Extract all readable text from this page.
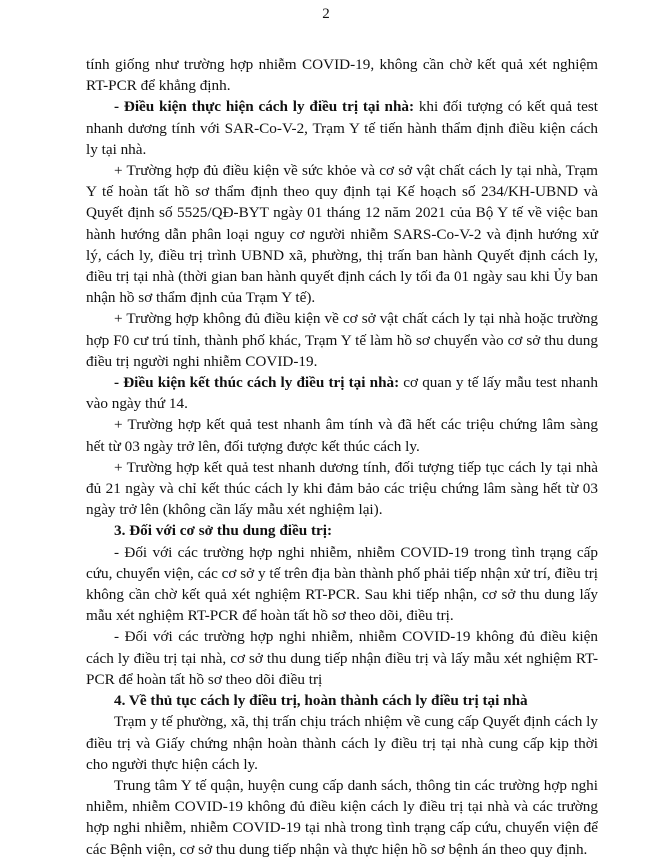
2

tính giống như trường hợp nhiễm COVID-19, không cần chờ kết quả xét nghiệm RT-PCR để khẳng định.

- Điều kiện thực hiện cách ly điều trị tại nhà: khi đối tượng có kết quả test nhanh dương tính với SAR-Co-V-2, Trạm Y tế tiến hành thẩm định điều kiện cách ly tại nhà.

+ Trường hợp đủ điều kiện về sức khỏe và cơ sở vật chất cách ly tại nhà, Trạm Y tế hoàn tất hồ sơ thẩm định theo quy định tại Kế hoạch số 234/KH-UBND và Quyết định số 5525/QĐ-BYT ngày 01 tháng 12 năm 2021 của Bộ Y tế về việc ban hành hướng dẫn phân loại nguy cơ người nhiễm SARS-Co-V-2 và định hướng xử lý, cách ly, điều trị trình UBND xã, phường, thị trấn ban hành Quyết định cách ly, điều trị tại nhà (thời gian ban hành quyết định cách ly tối đa 01 ngày sau khi Ủy ban nhận hồ sơ thẩm định của Trạm Y tế).

+ Trường hợp không đủ điều kiện về cơ sở vật chất cách ly tại nhà hoặc trường hợp F0 cư trú tỉnh, thành phố khác, Trạm Y tế làm hồ sơ chuyển vào cơ sở thu dung điều trị người nghi nhiễm COVID-19.

- Điều kiện kết thúc cách ly điều trị tại nhà: cơ quan y tế lấy mẫu test nhanh vào ngày thứ 14.

+ Trường hợp kết quả test nhanh âm tính và đã hết các triệu chứng lâm sàng hết từ 03 ngày trở lên, đối tượng được kết thúc cách ly.

+ Trường hợp kết quả test nhanh dương tính, đối tượng tiếp tục cách ly tại nhà đủ 21 ngày và chỉ kết thúc cách ly khi đảm bảo các triệu chứng lâm sàng hết từ 03 ngày trở lên (không cần lấy mẫu xét nghiệm lại).

3. Đối với cơ sở thu dung điều trị:

- Đối với các trường hợp nghi nhiễm, nhiễm COVID-19 trong tình trạng cấp cứu, chuyển viện, các cơ sở y tế trên địa bàn thành phố phải tiếp nhận xử trí, điều trị không cần chờ kết quả xét nghiệm RT-PCR. Sau khi tiếp nhận, cơ sở thu dung lấy mẫu xét nghiệm RT-PCR để hoàn tất hồ sơ theo dõi, điều trị.

- Đối với các trường hợp nghi nhiễm, nhiễm COVID-19 không đủ điều kiện cách ly điều trị tại nhà, cơ sở thu dung tiếp nhận điều trị và lấy mẫu xét nghiệm RT-PCR để hoàn tất hồ sơ theo dõi điều trị

4. Về thủ tục cách ly điều trị, hoàn thành cách ly điều trị tại nhà

Trạm y tế phường, xã, thị trấn chịu trách nhiệm về cung cấp Quyết định cách ly điều trị và Giấy chứng nhận hoàn thành cách ly điều trị tại nhà cung cấp kịp thời cho người thực hiện cách ly.

Trung tâm Y tế quận, huyện cung cấp danh sách, thông tin các trường hợp nghi nhiễm, nhiễm COVID-19 không đủ điều kiện cách ly điều trị tại nhà và các trường hợp nghi nhiễm, nhiễm COVID-19 tại nhà trong tình trạng cấp cứu, chuyển viện để các Bệnh viện, cơ sở thu dung tiếp nhận và thực hiện hồ sơ bệnh án theo quy định.
